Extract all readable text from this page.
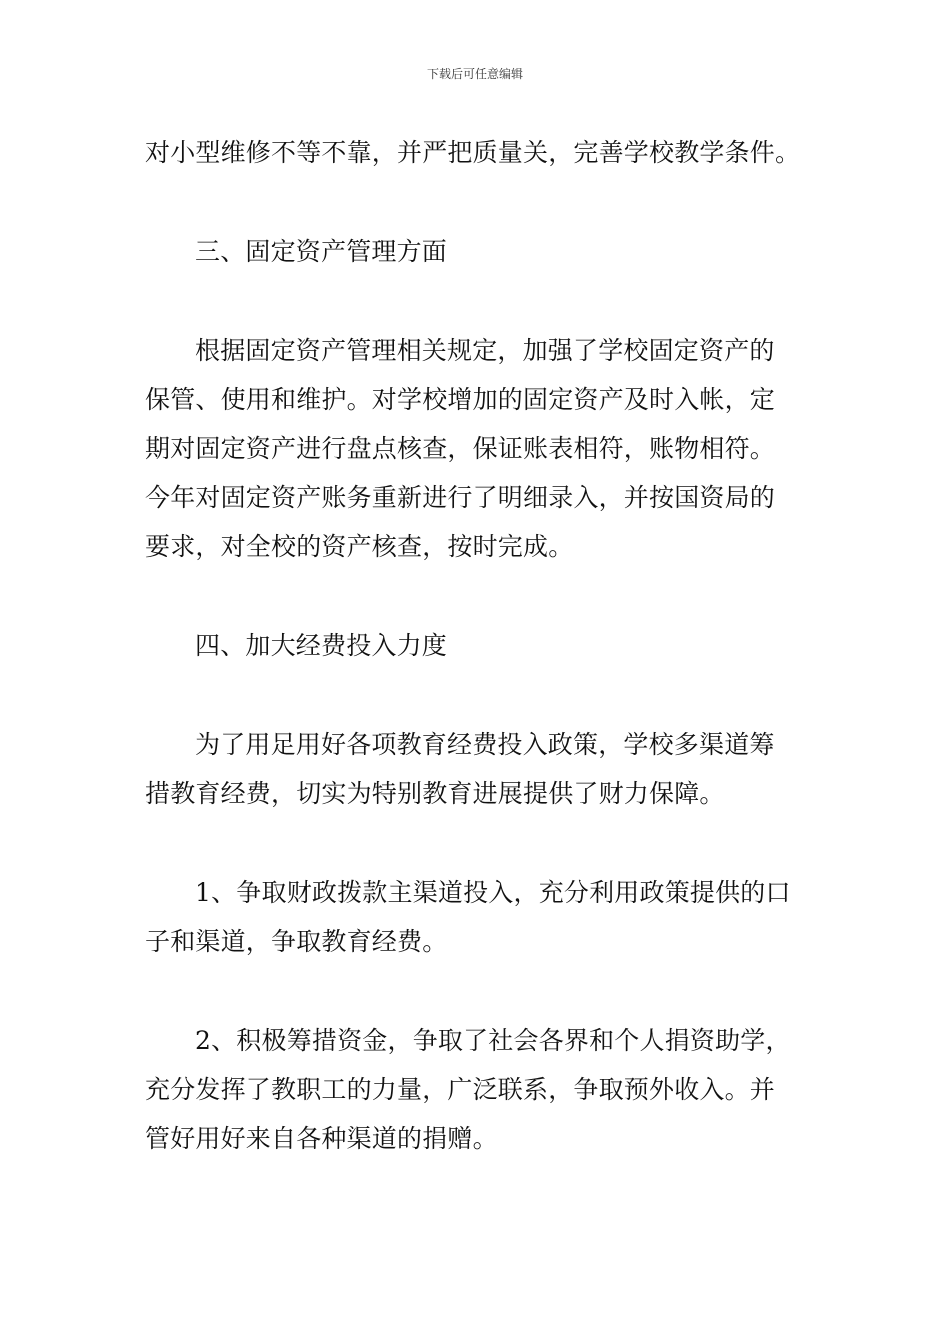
下载后可任意编辑

对小型维修不等不靠，并严把质量关，完善学校教学条件。

三、固定资产管理方面

根据固定资产管理相关规定，加强了学校固定资产的
保管、使用和维护。对学校增加的固定资产及时入帐，定
期对固定资产进行盘点核查，保证账表相符，账物相符。
今年对固定资产账务重新进行了明细录入，并按国资局的
要求，对全校的资产核查，按时完成。

四、加大经费投入力度

为了用足用好各项教育经费投入政策，学校多渠道筹
措教育经费，切实为特别教育进展提供了财力保障。

1、争取财政拨款主渠道投入，充分利用政策提供的口
子和渠道，争取教育经费。

2、积极筹措资金，争取了社会各界和个人捐资助学，
充分发挥了教职工的力量，广泛联系，争取预外收入。并
管好用好来自各种渠道的捐赠。
